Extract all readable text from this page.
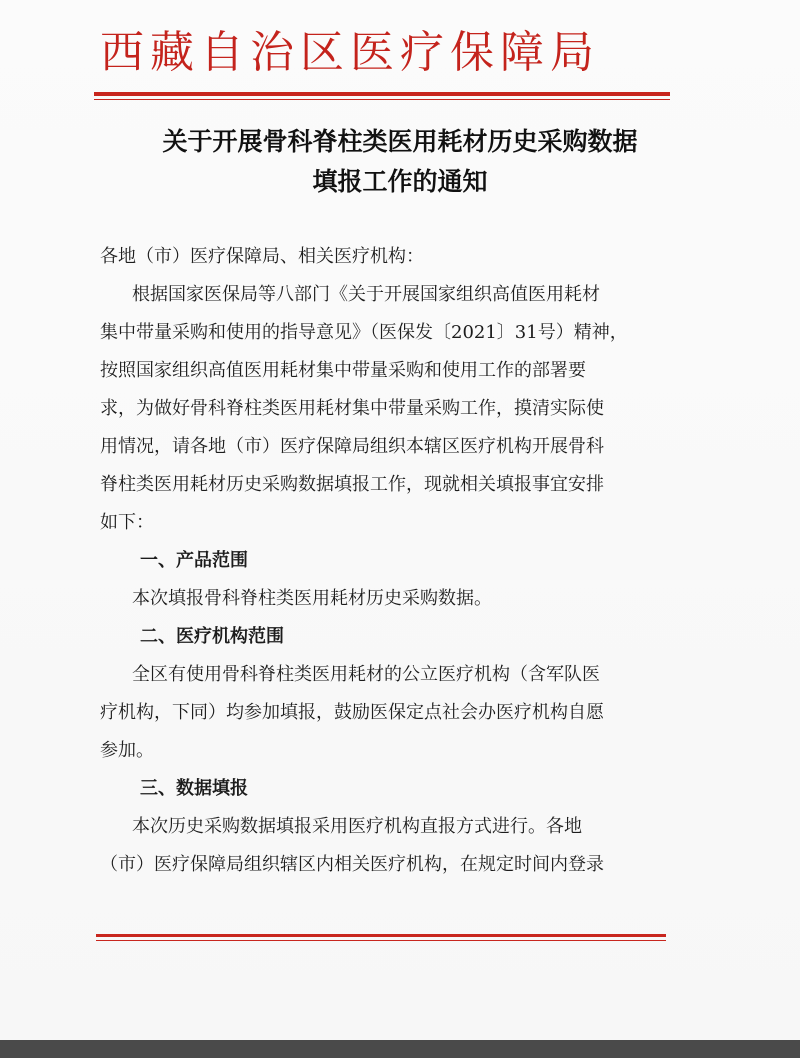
西藏自治区医疗保障局
关于开展骨科脊柱类医用耗材历史采购数据
填报工作的通知
各地（市）医疗保障局、相关医疗机构：
根据国家医保局等八部门《关于开展国家组织高值医用耗材
集中带量采购和使用的指导意见》（医保发〔2021〕31号）精神，
按照国家组织高值医用耗材集中带量采购和使用工作的部署要
求，为做好骨科脊柱类医用耗材集中带量采购工作，摸清实际使
用情况，请各地（市）医疗保障局组织本辖区医疗机构开展骨科
脊柱类医用耗材历史采购数据填报工作，现就相关填报事宜安排
如下：
一、产品范围
本次填报骨科脊柱类医用耗材历史采购数据。
二、医疗机构范围
全区有使用骨科脊柱类医用耗材的公立医疗机构（含军队医
疗机构，下同）均参加填报，鼓励医保定点社会办医疗机构自愿
参加。
三、数据填报
本次历史采购数据填报采用医疗机构直报方式进行。各地
（市）医疗保障局组织辖区内相关医疗机构，在规定时间内登录
